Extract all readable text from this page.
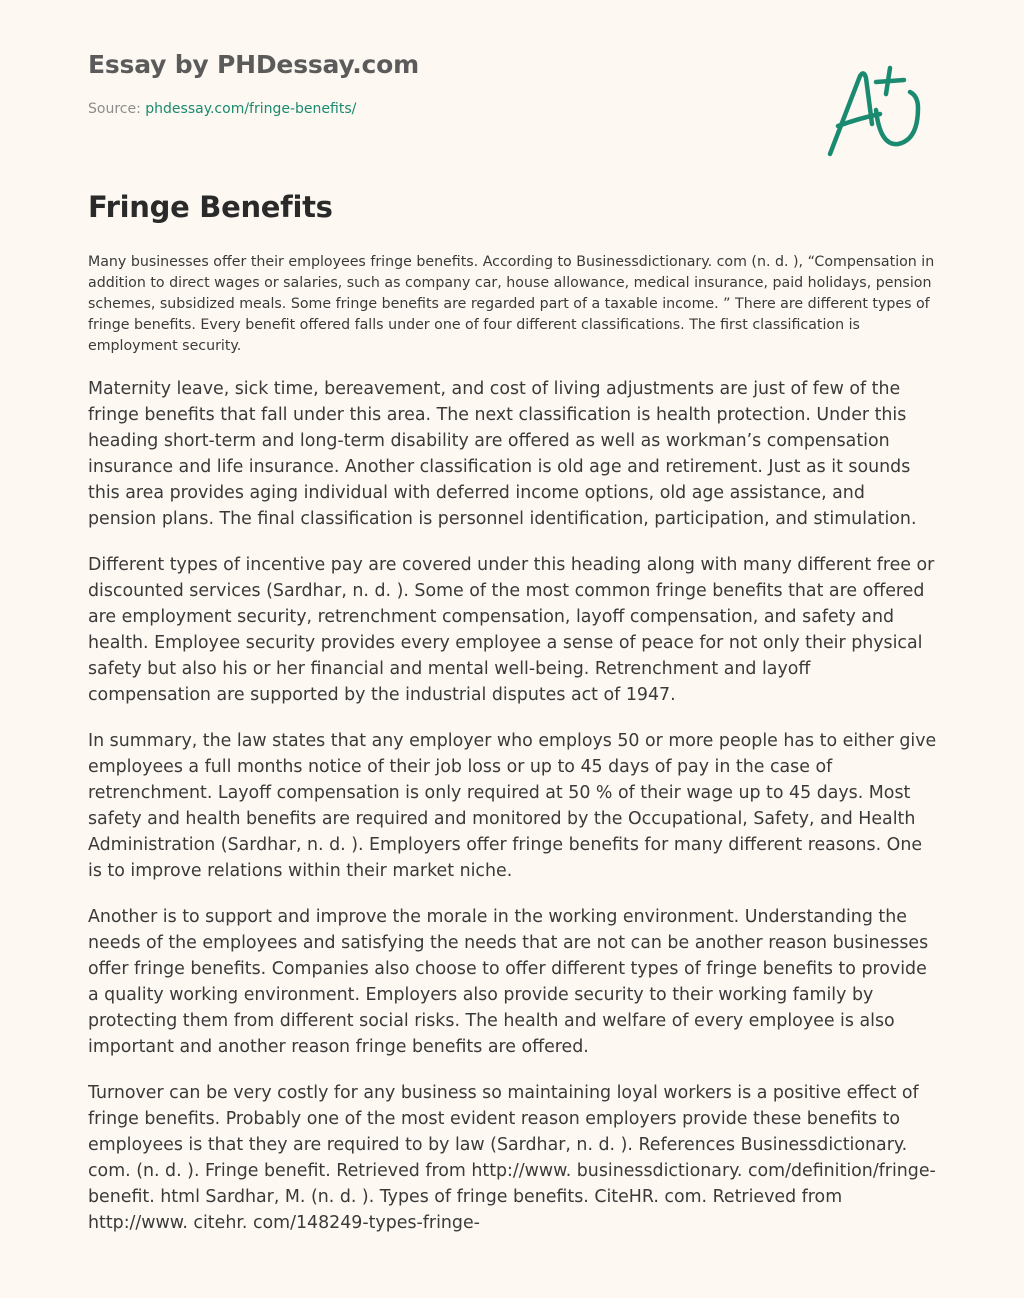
Essay by PHDessay.com
Source: phdessay.com/fringe-benefits/
Fringe Benefits

Many businesses offer their employees fringe benefits. According to Businessdictionary. com (n. d. ), “Compensation in addition to direct wages or salaries, such as company car, house allowance, medical insurance, paid holidays, pension schemes, subsidized meals. Some fringe benefits are regarded part of a taxable income. ” There are different types of fringe benefits. Every benefit offered falls under one of four different classifications. The first classification is employment security.

Maternity leave, sick time, bereavement, and cost of living adjustments are just of few of the fringe benefits that fall under this area. The next classification is health protection. Under this heading short-term and long-term disability are offered as well as workman’s compensation insurance and life insurance. Another classification is old age and retirement. Just as it sounds this area provides aging individual with deferred income options, old age assistance, and pension plans. The final classification is personnel identification, participation, and stimulation.

Different types of incentive pay are covered under this heading along with many different free or discounted services (Sardhar, n. d. ). Some of the most common fringe benefits that are offered are employment security, retrenchment compensation, layoff compensation, and safety and health. Employee security provides every employee a sense of peace for not only their physical safety but also his or her financial and mental well-being. Retrenchment and layoff compensation are supported by the industrial disputes act of 1947.

In summary, the law states that any employer who employs 50 or more people has to either give employees a full months notice of their job loss or up to 45 days of pay in the case of retrenchment. Layoff compensation is only required at 50 % of their wage up to 45 days. Most safety and health benefits are required and monitored by the Occupational, Safety, and Health Administration (Sardhar, n. d. ). Employers offer fringe benefits for many different reasons. One is to improve relations within their market niche.

Another is to support and improve the morale in the working environment. Understanding the needs of the employees and satisfying the needs that are not can be another reason businesses offer fringe benefits. Companies also choose to offer different types of fringe benefits to provide a quality working environment. Employers also provide security to their working family by protecting them from different social risks. The health and welfare of every employee is also important and another reason fringe benefits are offered.

Turnover can be very costly for any business so maintaining loyal workers is a positive effect of fringe benefits. Probably one of the most evident reason employers provide these benefits to employees is that they are required to by law (Sardhar, n. d. ). References Businessdictionary. com. (n. d. ). Fringe benefit. Retrieved from http://www. businessdictionary. com/definition/fringe-benefit. html Sardhar, M. (n. d. ). Types of fringe benefits. CiteHR. com. Retrieved from http://www. citehr. com/148249-types-fringe-
